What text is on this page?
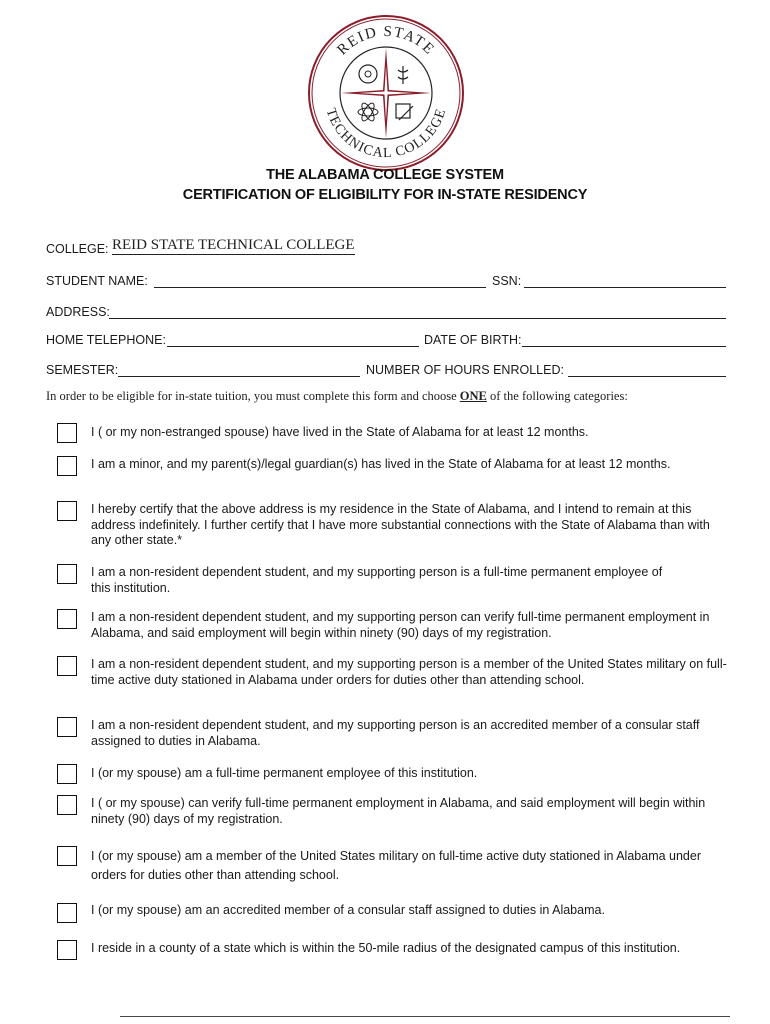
REID STATE
TECHNICAL COLLEGE
THE ALABAMA COLLEGE SYSTEM
CERTIFICATION OF ELIGIBILITY FOR IN-STATE RESIDENCY
COLLEGE: REID STATE TECHNICAL COLLEGE
STUDENT NAME:	SSN:
ADDRESS:
HOME TELEPHONE:	DATE OF BIRTH:
SEMESTER:	NUMBER OF HOURS ENROLLED:
In order to be eligible for in-state tuition, you must complete this form and choose ONE of the following categories:
I ( or my non-estranged spouse) have lived in the State of Alabama for at least 12 months.
I am a minor, and my parent(s)/legal guardian(s) has lived in the State of Alabama for at least 12 months.
I hereby certify that the above address is my residence in the State of Alabama, and I intend to remain at this address indefinitely. I further certify that I have more substantial connections with the State of Alabama than with any other state.*
I am a non-resident dependent student, and my supporting person is a full-time permanent employee of this institution.
I am a non-resident dependent student, and my supporting person can verify full-time permanent employment in Alabama, and said employment will begin within ninety (90) days of my registration.
I am a non-resident dependent student, and my supporting person is a member of the United States military on full-time active duty stationed in Alabama under orders for duties other than attending school.
I am a non-resident dependent student, and my supporting person is an accredited member of a consular staff assigned to duties in Alabama.
I (or my spouse) am a full-time permanent employee of this institution.
I ( or my spouse) can verify full-time permanent employment in Alabama, and said employment will begin within ninety (90) days of my registration.
I (or my spouse) am a member of the United States military on full-time active duty stationed in Alabama under orders for duties other than attending school.
I (or my spouse) am an accredited member of a consular staff assigned to duties in Alabama.
I reside in a county of a state which is within the 50-mile radius of the designated campus of this institution.
